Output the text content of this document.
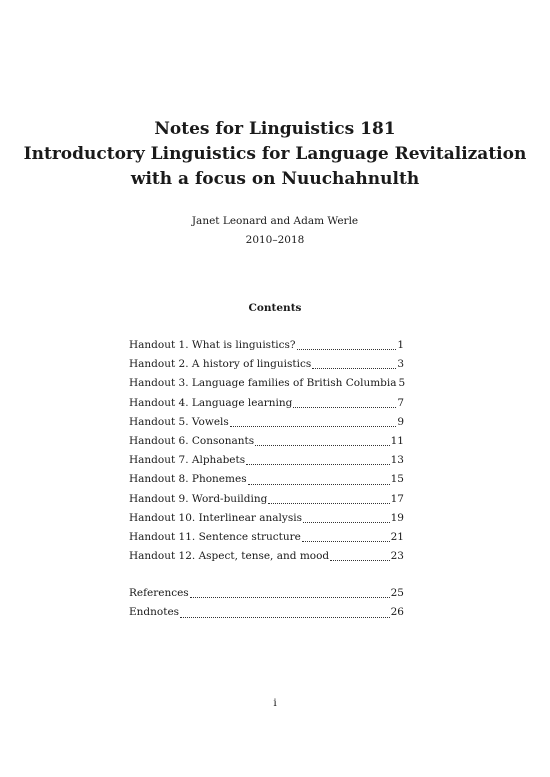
Notes for Linguistics 181
Introductory Linguistics for Language Revitalization
with a focus on Nuuchahnulth
Janet Leonard and Adam Werle
2010–2018
Contents
Handout 1. What is linguistics?	1
Handout 2. A history of linguistics	3
Handout 3. Language families of British Columbia 5
Handout 4. Language learning	7
Handout 5. Vowels	9
Handout 6. Consonants	11
Handout 7. Alphabets	13
Handout 8. Phonemes	15
Handout 9. Word-building	17
Handout 10. Interlinear analysis	19
Handout 11. Sentence structure	21
Handout 12. Aspect, tense, and mood	23
References	25
Endnotes	26
i
